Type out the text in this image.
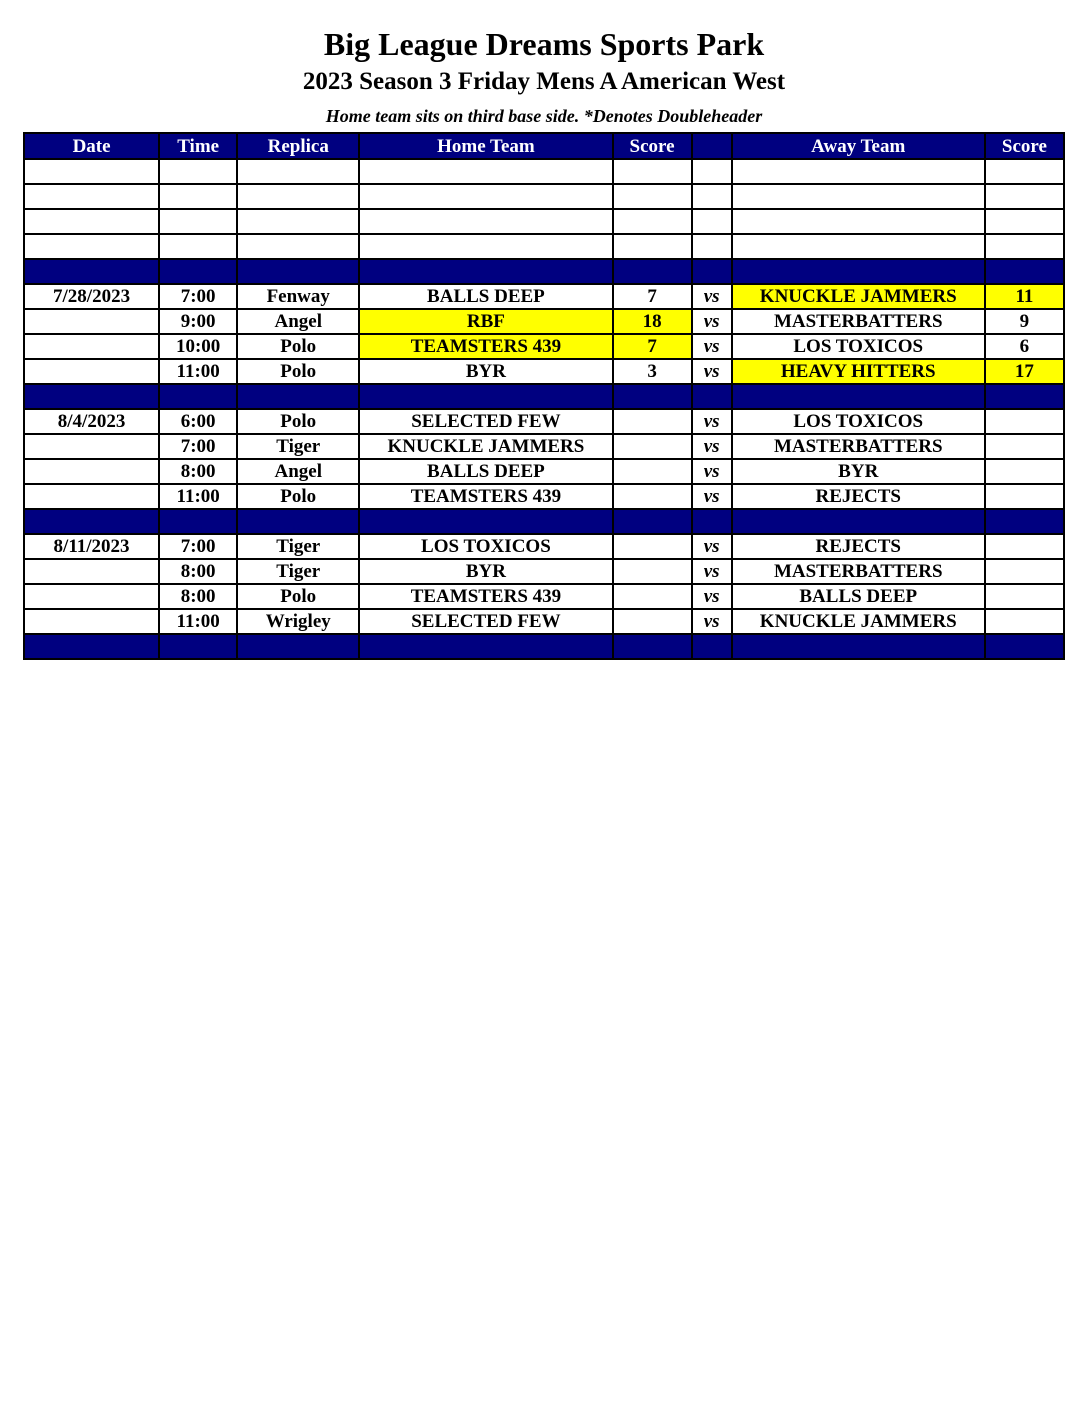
Big League Dreams Sports Park
2023 Season 3 Friday Mens A American West
Home team sits on third base side. *Denotes Doubleheader
Date	Time	Replica	Home Team	Score		Away Team	Score

7/28/2023	7:00	Fenway	BALLS DEEP	7	vs	KNUCKLE JAMMERS	11
	9:00	Angel	RBF	18	vs	MASTERBATTERS	9
	10:00	Polo	TEAMSTERS 439	7	vs	LOS TOXICOS	6
	11:00	Polo	BYR	3	vs	HEAVY HITTERS	17

8/4/2023	6:00	Polo	SELECTED FEW		vs	LOS TOXICOS	
	7:00	Tiger	KNUCKLE JAMMERS		vs	MASTERBATTERS	
	8:00	Angel	BALLS DEEP		vs	BYR	
	11:00	Polo	TEAMSTERS 439		vs	REJECTS	

8/11/2023	7:00	Tiger	LOS TOXICOS		vs	REJECTS	
	8:00	Tiger	BYR		vs	MASTERBATTERS	
	8:00	Polo	TEAMSTERS 439		vs	BALLS DEEP	
	11:00	Wrigley	SELECTED FEW		vs	KNUCKLE JAMMERS	
